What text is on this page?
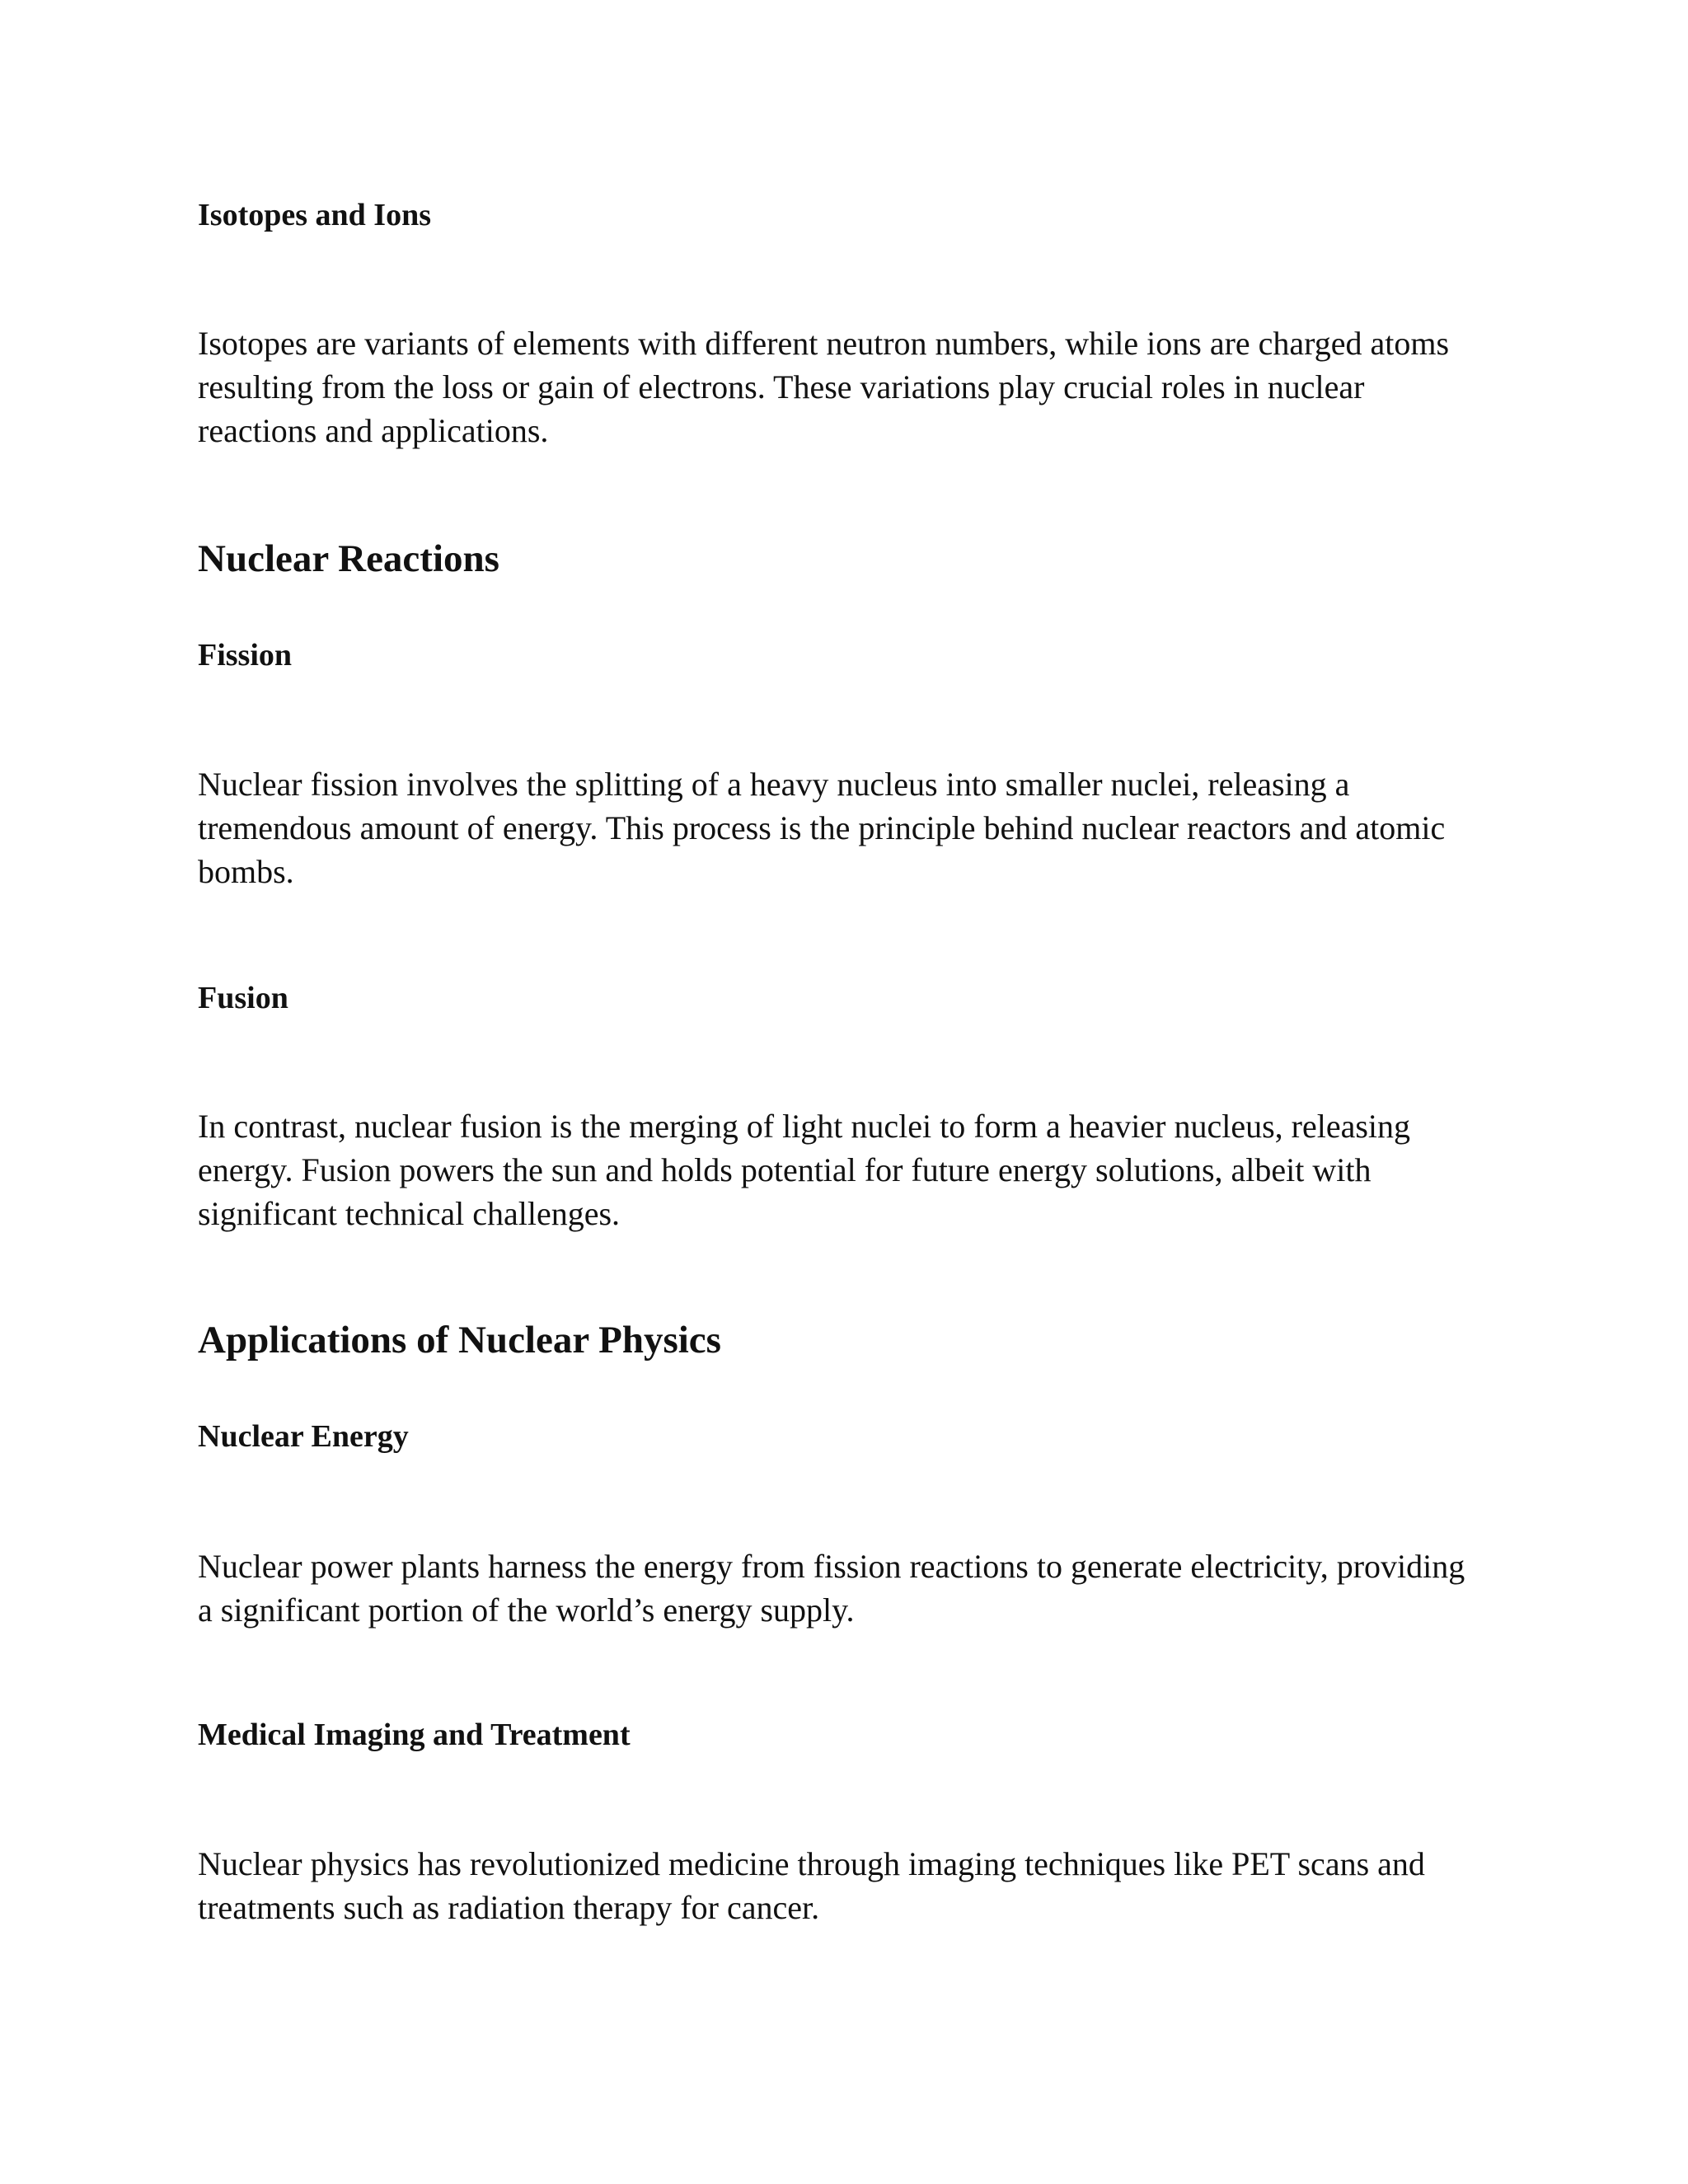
Isotopes and Ions

Isotopes are variants of elements with different neutron numbers, while ions are charged atoms resulting from the loss or gain of electrons. These variations play crucial roles in nuclear reactions and applications.

Nuclear Reactions
Fission

Nuclear fission involves the splitting of a heavy nucleus into smaller nuclei, releasing a tremendous amount of energy. This process is the principle behind nuclear reactors and atomic bombs.

Fusion

In contrast, nuclear fusion is the merging of light nuclei to form a heavier nucleus, releasing energy. Fusion powers the sun and holds potential for future energy solutions, albeit with significant technical challenges.

Applications of Nuclear Physics
Nuclear Energy

Nuclear power plants harness the energy from fission reactions to generate electricity, providing a significant portion of the world’s energy supply.

Medical Imaging and Treatment

Nuclear physics has revolutionized medicine through imaging techniques like PET scans and treatments such as radiation therapy for cancer.
